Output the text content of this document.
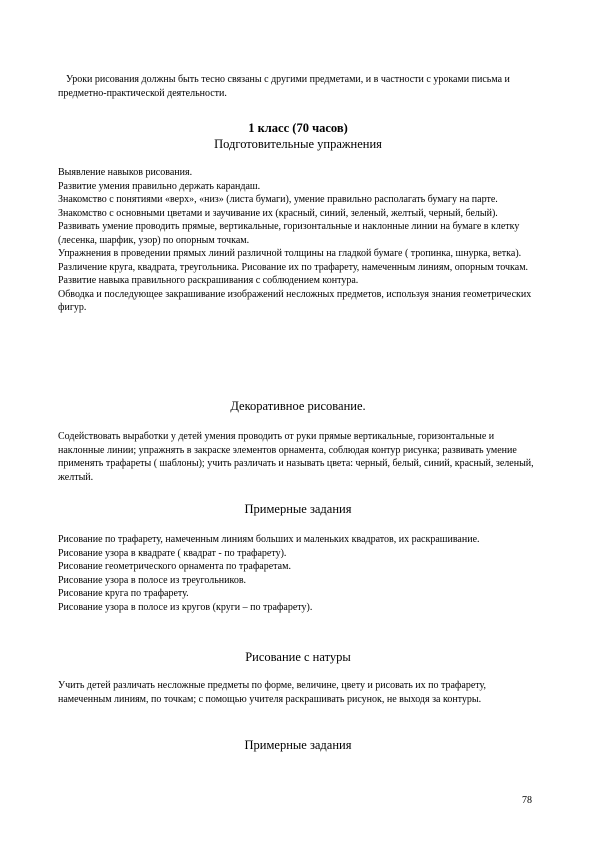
Уроки рисования должны быть тесно связаны с другими предметами, и в частности с уроками письма и предметно-практической деятельности.

1 класс (70 часов)

Подготовительные упражнения

Выявление навыков рисования.
Развитие умения правильно держать карандаш.
Знакомство с понятиями «верх», «низ» (листа бумаги), умение правильно располагать бумагу на парте.
Знакомство с основными цветами и заучивание их (красный, синий, зеленый, желтый, черный, белый).
Развивать умение проводить прямые, вертикальные, горизонтальные и наклонные линии на бумаге в клетку (лесенка, шарфик, узор) по опорным точкам.
Упражнения в проведении прямых линий различной толщины на гладкой бумаге ( тропинка, шнурка, ветка).
Различение круга, квадрата, треугольника. Рисование их по трафарету, намеченным линиям, опорным точкам.
Развитие навыка правильного раскрашивания с соблюдением контура.
Обводка и последующее закрашивание изображений несложных предметов, используя знания геометрических фигур.

Декоративное рисование.

Содействовать выработки у детей умения проводить от руки прямые вертикальные, горизонтальные и наклонные линии; упражнять в закраске элементов орнамента, соблюдая контур рисунка; развивать умение применять трафареты ( шаблоны); учить различать и называть цвета: черный, белый, синий, красный, зеленый, желтый.

Примерные задания

Рисование по трафарету, намеченным линиям больших и маленьких квадратов, их раскрашивание.
Рисование узора в квадрате ( квадрат - по трафарету).
Рисование геометрического орнамента по трафаретам.
Рисование узора в полосе из треугольников.
Рисование круга по трафарету.
Рисование узора в полосе из кругов (круги – по трафарету).

Рисование с натуры

Учить детей различать несложные предметы по форме, величине, цвету и рисовать их по трафарету, намеченным линиям, по точкам; с помощью учителя раскрашивать рисунок, не выходя за контуры.

Примерные задания

78
